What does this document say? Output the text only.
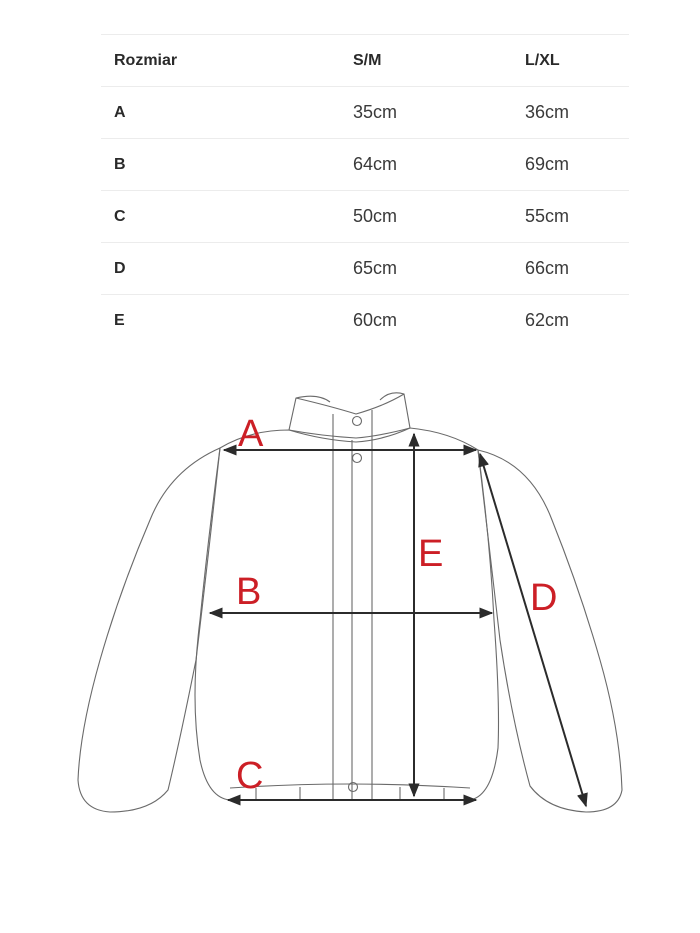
Rozmiar	S/M	L/XL
A	35cm	36cm
B	64cm	69cm
C	50cm	55cm
D	65cm	66cm
E	60cm	62cm
A
B
C
D
E
